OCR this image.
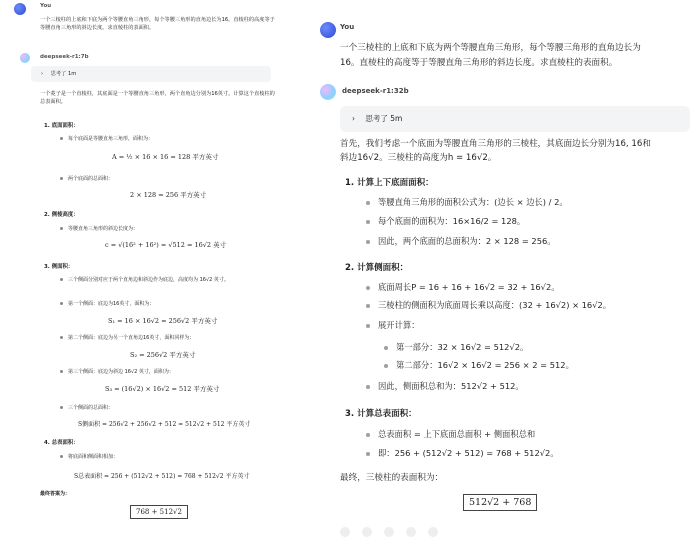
You
一个三棱柱的上底和下底为两个等腰直角三角形，每个等腰三角形的直角边长为16。直棱柱的高度等于等腰直角三角形的斜边长度。求直棱柱的表面积。
deepseek-r1:7b
› 思考了 1m
一个菱子是一个直棱柱，其底面是一个等腰直角三角形，两个直角边分别为16英寸。计算这个直棱柱的总表面积。
1. 底面面积：
每个底面是等腰直角三角形，面积为：
A = ½ × 16 × 16 = 128 平方英寸
两个底面的总面积：
2 × 128 = 256 平方英寸
2. 侧棱高度：
等腰直角三角形的斜边长度为：
c = √(16² + 16²) = √512 = 16√2 英寸
3. 侧面积：
三个侧面分别对应于两个直角边和斜边作为底边，高度均为 16√2 英寸。
第一个侧面：底边为16英寸，面积为：
S₁ = 16 × 16√2 = 256√2 平方英寸
第二个侧面：底边为另一个直角边16英寸，面积同样为：
S₂ = 256√2 平方英寸
第三个侧面：底边为斜边 16√2 英寸，面积为：
S₃ = (16√2) × 16√2 = 512 平方英寸
三个侧面的总面积：
S侧面积 = 256√2 + 256√2 + 512 = 512√2 + 512 平方英寸
4. 总表面积：
将底面和侧面积相加：
S总表面积 = 256 + (512√2 + 512) = 768 + 512√2 平方英寸
最终答案为：
768 + 512√2
You
一个三棱柱的上底和下底为两个等腰直角三角形，每个等腰三角形的直角边长为
16。直棱柱的高度等于等腰直角三角形的斜边长度。求直棱柱的表面积。
deepseek-r1:32b
› 思考了 5m
首先，我们考虑一个底面为等腰直角三角形的三棱柱，其底面边长分别为16, 16和
斜边16√2。三棱柱的高度为h = 16√2。
1. 计算上下底面面积：
等腰直角三角形的面积公式为：(边长 × 边长) / 2。
每个底面的面积为：16×16/2 = 128。
因此，两个底面的总面积为：2 × 128 = 256。
2. 计算侧面积：
底面周长P = 16 + 16 + 16√2 = 32 + 16√2。
三棱柱的侧面积为底面周长乘以高度：(32 + 16√2) × 16√2。
展开计算：
第一部分：32 × 16√2 = 512√2。
第二部分：16√2 × 16√2 = 256 × 2 = 512。
因此，侧面积总和为：512√2 + 512。
3. 计算总表面积：
总表面积 = 上下底面总面积 + 侧面积总和
即：256 + (512√2 + 512) = 768 + 512√2。
最终，三棱柱的表面积为：
512√2 + 768
